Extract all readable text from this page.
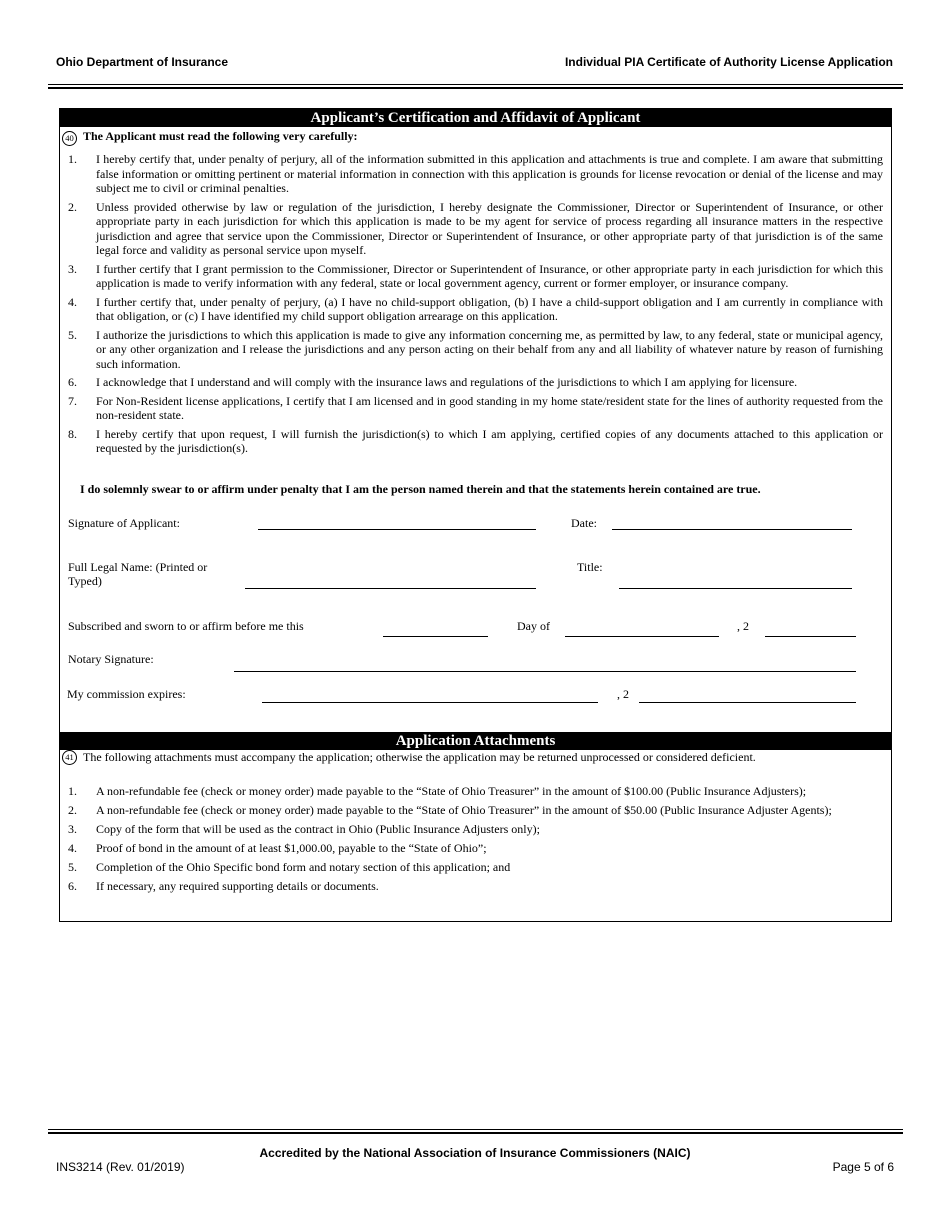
Ohio Department of Insurance	Individual PIA Certificate of Authority License Application
Applicant’s Certification and Affidavit of Applicant
40 The Applicant must read the following very carefully:
1.	I hereby certify that, under penalty of perjury, all of the information submitted in this application and attachments is true and complete. I am aware that submitting false information or omitting pertinent or material information in connection with this application is grounds for license revocation or denial of the license and may subject me to civil or criminal penalties.
2.	Unless provided otherwise by law or regulation of the jurisdiction, I hereby designate the Commissioner, Director or Superintendent of Insurance, or other appropriate party in each jurisdiction for which this application is made to be my agent for service of process regarding all insurance matters in the respective jurisdiction and agree that service upon the Commissioner, Director or Superintendent of Insurance, or other appropriate party of that jurisdiction is of the same legal force and validity as personal service upon myself.
3.	I further certify that I grant permission to the Commissioner, Director or Superintendent of Insurance, or other appropriate party in each jurisdiction for which this application is made to verify information with any federal, state or local government agency, current or former employer, or insurance company.
4.	I further certify that, under penalty of perjury, (a) I have no child-support obligation, (b) I have a child-support obligation and I am currently in compliance with that obligation, or (c) I have identified my child support obligation arrearage on this application.
5.	I authorize the jurisdictions to which this application is made to give any information concerning me, as permitted by law, to any federal, state or municipal agency, or any other organization and I release the jurisdictions and any person acting on their behalf from any and all liability of whatever nature by reason of furnishing such information.
6.	I acknowledge that I understand and will comply with the insurance laws and regulations of the jurisdictions to which I am applying for licensure.
7.	For Non-Resident license applications, I certify that I am licensed and in good standing in my home state/resident state for the lines of authority requested from the non-resident state.
8.	I hereby certify that upon request, I will furnish the jurisdiction(s) to which I am applying, certified copies of any documents attached to this application or requested by the jurisdiction(s).
I do solemnly swear to or affirm under penalty that I am the person named therein and that the statements herein contained are true.
Signature of Applicant:	Date:
Full Legal Name: (Printed or
Typed)
Title:
Subscribed and sworn to or affirm before me this	Day of	, 2
Notary Signature:
My commission expires:	, 2
Application Attachments
41 The following attachments must accompany the application; otherwise the application may be returned unprocessed or considered deficient.
1.	A non-refundable fee (check or money order) made payable to the “State of Ohio Treasurer” in the amount of $100.00 (Public Insurance Adjusters);
2.	A non-refundable fee (check or money order) made payable to the “State of Ohio Treasurer” in the amount of $50.00 (Public Insurance Adjuster Agents);
3.	Copy of the form that will be used as the contract in Ohio (Public Insurance Adjusters only);
4.	Proof of bond in the amount of at least $1,000.00, payable to the “State of Ohio”;
5.	Completion of the Ohio Specific bond form and notary section of this application; and
6.	If necessary, any required supporting details or documents.
Accredited by the National Association of Insurance Commissioners (NAIC)
INS3214 (Rev. 01/2019)	Page 5 of 6
